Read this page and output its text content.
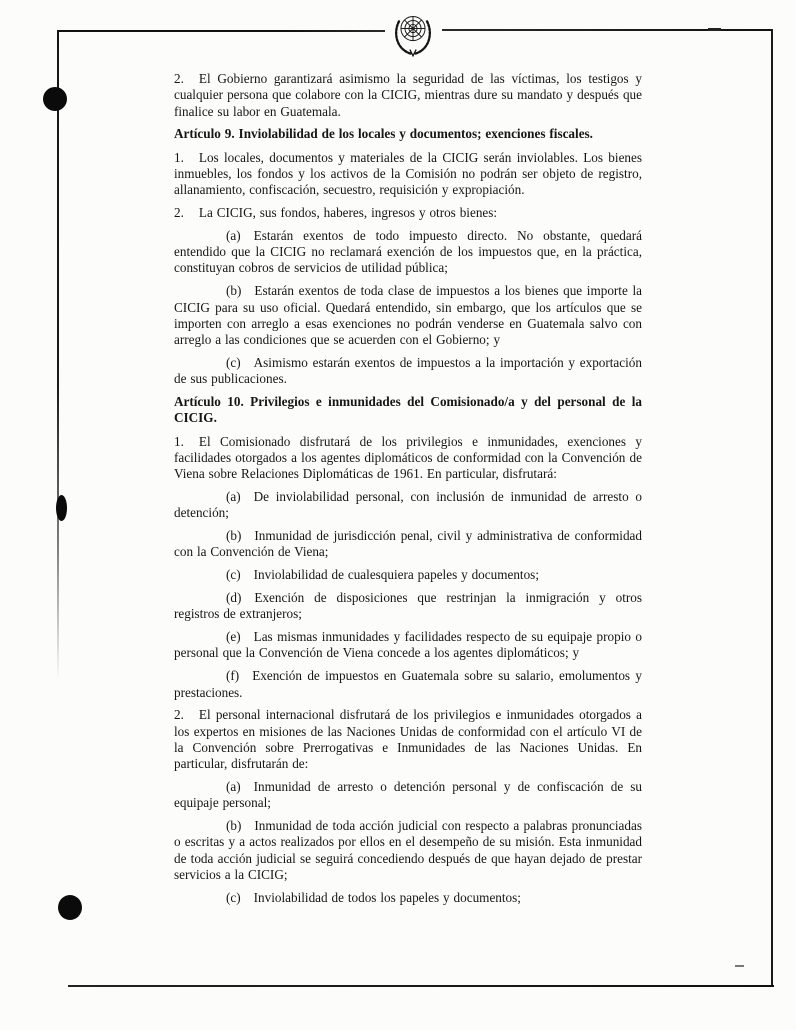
2. El Gobierno garantizará asimismo la seguridad de las víctimas, los testigos y cualquier persona que colabore con la CICIG, mientras dure su mandato y después que finalice su labor en Guatemala.

Artículo 9. Inviolabilidad de los locales y documentos; exenciones fiscales.

1. Los locales, documentos y materiales de la CICIG serán inviolables. Los bienes inmuebles, los fondos y los activos de la Comisión no podrán ser objeto de registro, allanamiento, confiscación, secuestro, requisición y expropiación.

2. La CICIG, sus fondos, haberes, ingresos y otros bienes:

(a) Estarán exentos de todo impuesto directo. No obstante, quedará entendido que la CICIG no reclamará exención de los impuestos que, en la práctica, constituyan cobros de servicios de utilidad pública;

(b) Estarán exentos de toda clase de impuestos a los bienes que importe la CICIG para su uso oficial. Quedará entendido, sin embargo, que los artículos que se importen con arreglo a esas exenciones no podrán venderse en Guatemala salvo con arreglo a las condiciones que se acuerden con el Gobierno; y

(c) Asimismo estarán exentos de impuestos a la importación y exportación de sus publicaciones.

Artículo 10. Privilegios e inmunidades del Comisionado/a y del personal de la CICIG.

1. El Comisionado disfrutará de los privilegios e inmunidades, exenciones y facilidades otorgados a los agentes diplomáticos de conformidad con la Convención de Viena sobre Relaciones Diplomáticas de 1961. En particular, disfrutará:

(a) De inviolabilidad personal, con inclusión de inmunidad de arresto o detención;

(b) Inmunidad de jurisdicción penal, civil y administrativa de conformidad con la Convención de Viena;

(c) Inviolabilidad de cualesquiera papeles y documentos;

(d) Exención de disposiciones que restrinjan la inmigración y otros registros de extranjeros;

(e) Las mismas inmunidades y facilidades respecto de su equipaje propio o personal que la Convención de Viena concede a los agentes diplomáticos; y

(f) Exención de impuestos en Guatemala sobre su salario, emolumentos y prestaciones.

2. El personal internacional disfrutará de los privilegios e inmunidades otorgados a los expertos en misiones de las Naciones Unidas de conformidad con el artículo VI de la Convención sobre Prerrogativas e Inmunidades de las Naciones Unidas. En particular, disfrutarán de:

(a) Inmunidad de arresto o detención personal y de confiscación de su equipaje personal;

(b) Inmunidad de toda acción judicial con respecto a palabras pronunciadas o escritas y a actos realizados por ellos en el desempeño de su misión. Esta inmunidad de toda acción judicial se seguirá concediendo después de que hayan dejado de prestar servicios a la CICIG;

(c) Inviolabilidad de todos los papeles y documentos;
